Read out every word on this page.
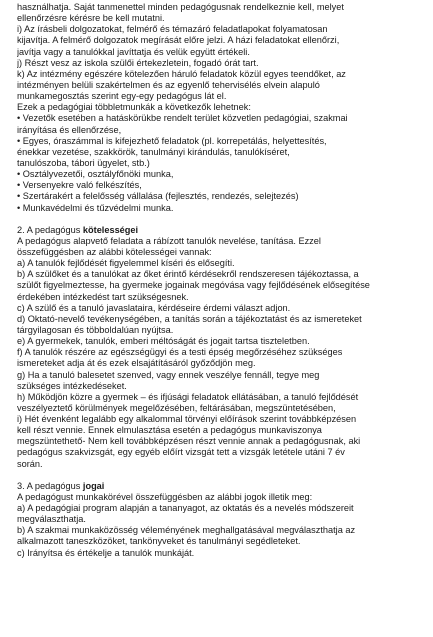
használhatja. Saját tanmenettel minden pedagógusnak rendelkeznie kell, melyet
ellenőrzésre kérésre be kell mutatni.
i) Az írásbeli dolgozatokat, felmérő és témazáró feladatlapokat folyamatosan
kijavítja. A felmérő dolgozatok megírását előre jelzi. A házi feladatokat ellenőrzi,
javítja vagy a tanulókkal javíttatja és velük együtt értékeli.
j) Részt vesz az iskola szülői értekezletein, fogadó órát tart.
k) Az intézmény egészére kötelezően háruló feladatok közül egyes teendőket, az
intézményen belüli szakértelmen és az egyenlő tehervisélés elvein alapuló
munkamegosztás szerint egy-egy pedagógus lát el.
Ezek a pedagógiai többletmunkák a következők lehetnek:
• Vezetők esetében a hatáskörükbe rendelt terület közvetlen pedagógiai, szakmai
irányítása és ellenőrzése,
• Egyes, óraszámmal is kifejezhető feladatok (pl. korrepetálás, helyettesítés,
énekkar vezetése, szakkörök, tanulmányi kirándulás, tanulókíséret,
tanulószoba, tábori ügyelet, stb.)
• Osztályvezetői, osztályfőnöki munka,
• Versenyekre való felkészítés,
• Szertárakért a felelősség vállalása (fejlesztés, rendezés, selejtezés)
• Munkavédelmi és tűzvédelmi munka.
2. A pedagógus kötelességei
A pedagógus alapvető feladata a rábízott tanulók nevelése, tanítása. Ezzel
összefüggésben az alábbi kötelességei vannak:
a) A tanulók fejlődését figyelemmel kíséri és elősegíti.
b) A szülőket és a tanulókat az őket érintő kérdésekről rendszeresen tájékoztassa, a
szülőt figyelmeztesse, ha gyermeke jogainak megóvása vagy fejlődésének elősegítése
érdekében intézkedést tart szükségesnek.
c) A szülő és a tanuló javaslataira, kérdéseire érdemi választ adjon.
d) Oktató-nevelő tevékenységében, a tanítás során a tájékoztatást és az ismereteket
tárgyilagosan és többoldalúan nyújtsa.
e) A gyermekek, tanulók, emberi méltóságát és jogait tartsa tiszteletben.
f) A tanulók részére az egészségügyi és a testi épség megőrzéséhez szükséges
ismereteket adja át és ezek elsajátításáról győződjön meg.
g) Ha a tanuló balesetet szenved, vagy ennek veszélye fennáll, tegye meg
szükséges intézkedéseket.
h) Működjön közre a gyermek – és ifjúsági feladatok ellátásában, a tanuló fejlődését
veszélyeztető körülmények megelőzésében, feltárásában, megszüntetésében,
i) Hét évenként legalább egy alkalommal törvényi előírások szerint továbbképzésen
kell részt vennie. Ennek elmulasztása esetén a pedagógus munkaviszonya
megszüntethető- Nem kell továbbképzésen részt vennie annak a pedagógusnak, aki
pedagógus szakvizsgát, egy egyéb előírt vizsgát tett a vizsgák letétele utáni 7 év
során.
3. A pedagógus jogai
A pedagógust munkakörével összefüggésben az alábbi jogok illetik meg:
a) A pedagógiai program alapján a tananyagot, az oktatás és a nevelés módszereit
megválaszthatja.
b) A szakmai munkaközösség véleményének meghallgatásával megválaszthatja az
alkalmazott taneszközöket, tankönyveket és tanulmányi segédleteket.
c) Irányítsa és értékelje a tanulók munkáját.
